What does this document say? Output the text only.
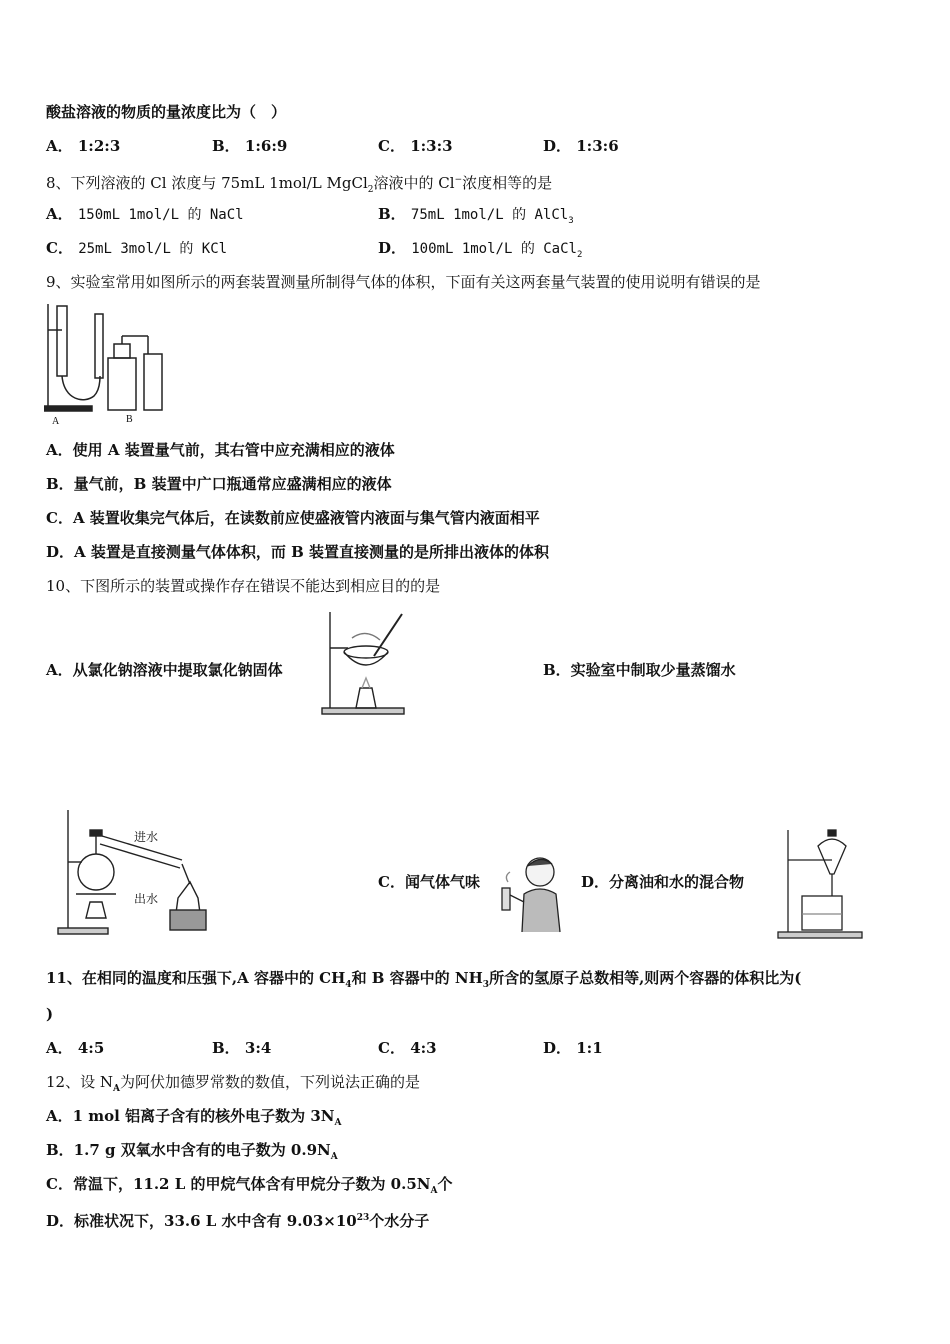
酸盐溶液的物质的量浓度比为（　）
A． 1:2:3	B． 1:6:9	C． 1:3:3	D． 1:3:6
8、下列溶液的 Cl 浓度与 75mL 1mol/L MgCl$_2$溶液中的 Cl−浓度相等的是
A． 150mL 1mol/L 的 NaCl	B． 75mL 1mol/L 的 AlCl$_3$
C． 25mL 3mol/L 的 KCl	D． 100mL 1mol/L 的 CaCl$_2$
9、实验室常用如图所示的两套装置测量所制得气体的体积，下面有关这两套量气装置的使用说明有错误的是
A	B
A．使用 A 装置量气前，其右管中应充满相应的液体
B．量气前，B 装置中广口瓶通常应盛满相应的液体
C．A 装置收集完气体后，在读数前应使盛液管内液面与集气管内液面相平
D．A 装置是直接测量气体体积，而 B 装置直接测量的是所排出液体的体积
10、下图所示的装置或操作存在错误不能达到相应目的的是
A．从氯化钠溶液中提取氯化钠固体	B．实验室中制取少量蒸馏水
进水
出水
C．闻气体气味	D．分离油和水的混合物
11、在相同的温度和压强下,A 容器中的 $CH_4$和 B 容器中的 $NH_3$所含的氢原子总数相等,则两个容器的体积比为(
)
A． 4:5	B． 3:4	C． 4:3	D． 1:1
12、设 $N_A$为阿伏加德罗常数的数值，下列说法正确的是
A．1 mol 铝离子含有的核外电子数为 $3N_A$
B．1.7 g 双氧水中含有的电子数为 $0.9N_A$
C．常温下，11.2 L 的甲烷气体含有甲烷分子数为 $0.5N_A$个
D．标准状况下，33.6 L 水中含有 $9.03\times 10^{23}$个水分子
